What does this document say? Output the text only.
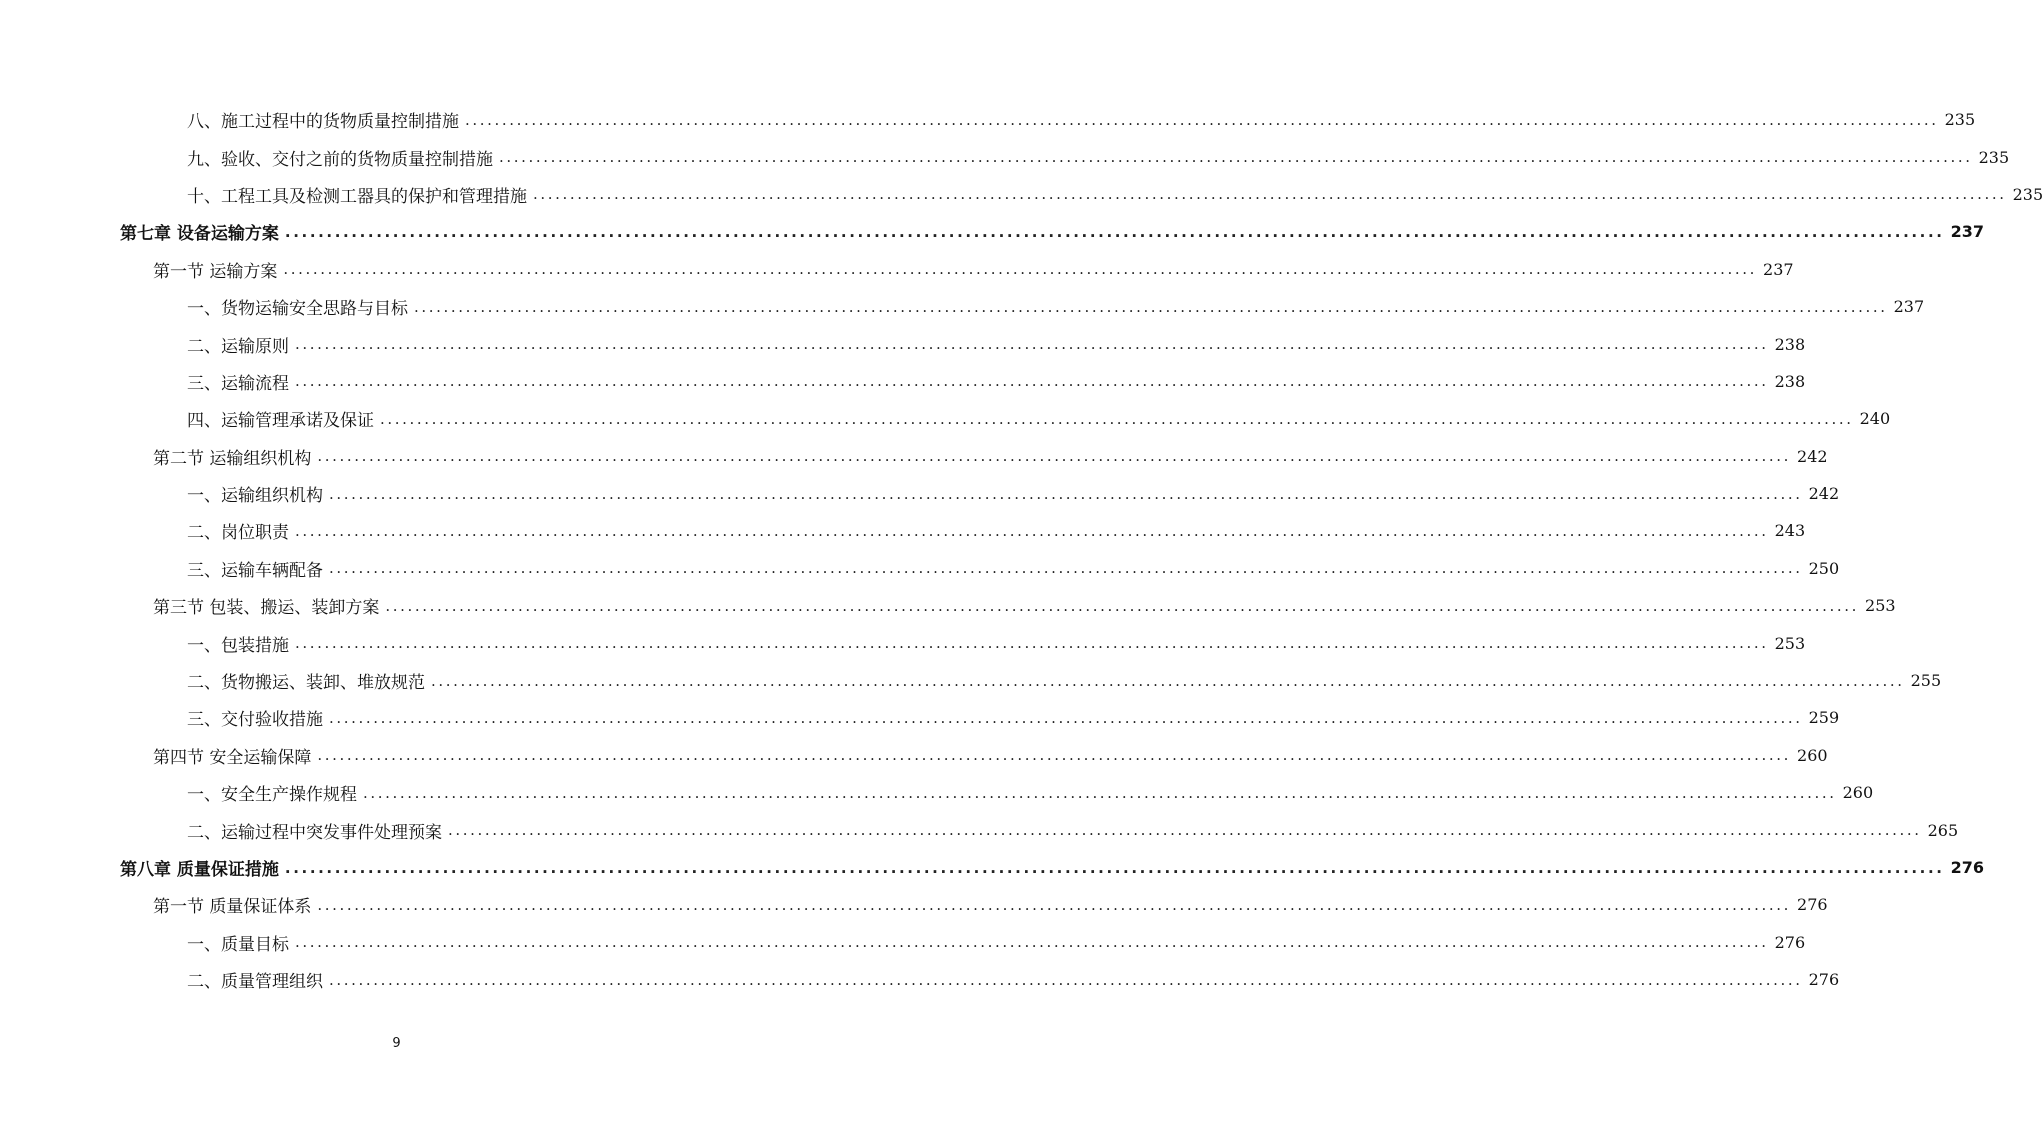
八、施工过程中的货物质量控制措施 ........................................................................................................................................................................................................ 235
九、验收、交付之前的货物质量控制措施 ........................................................................................................................................................................................................ 235
十、工程工具及检测工器具的保护和管理措施 ........................................................................................................................................................................................................ 235
第七章 设备运输方案 ........................................................................................................................................................................................................ 237
第一节 运输方案 ........................................................................................................................................................................................................ 237
一、货物运输安全思路与目标 ........................................................................................................................................................................................................ 237
二、运输原则 ........................................................................................................................................................................................................ 238
三、运输流程 ........................................................................................................................................................................................................ 238
四、运输管理承诺及保证 ........................................................................................................................................................................................................ 240
第二节 运输组织机构 ........................................................................................................................................................................................................ 242
一、运输组织机构 ........................................................................................................................................................................................................ 242
二、岗位职责 ........................................................................................................................................................................................................ 243
三、运输车辆配备 ........................................................................................................................................................................................................ 250
第三节 包装、搬运、装卸方案 ........................................................................................................................................................................................................ 253
一、包装措施 ........................................................................................................................................................................................................ 253
二、货物搬运、装卸、堆放规范 ........................................................................................................................................................................................................ 255
三、交付验收措施 ........................................................................................................................................................................................................ 259
第四节 安全运输保障 ........................................................................................................................................................................................................ 260
一、安全生产操作规程 ........................................................................................................................................................................................................ 260
二、运输过程中突发事件处理预案 ........................................................................................................................................................................................................ 265
第八章 质量保证措施 ........................................................................................................................................................................................................ 276
第一节 质量保证体系 ........................................................................................................................................................................................................ 276
一、质量目标 ........................................................................................................................................................................................................ 276
二、质量管理组织 ........................................................................................................................................................................................................ 276
9
